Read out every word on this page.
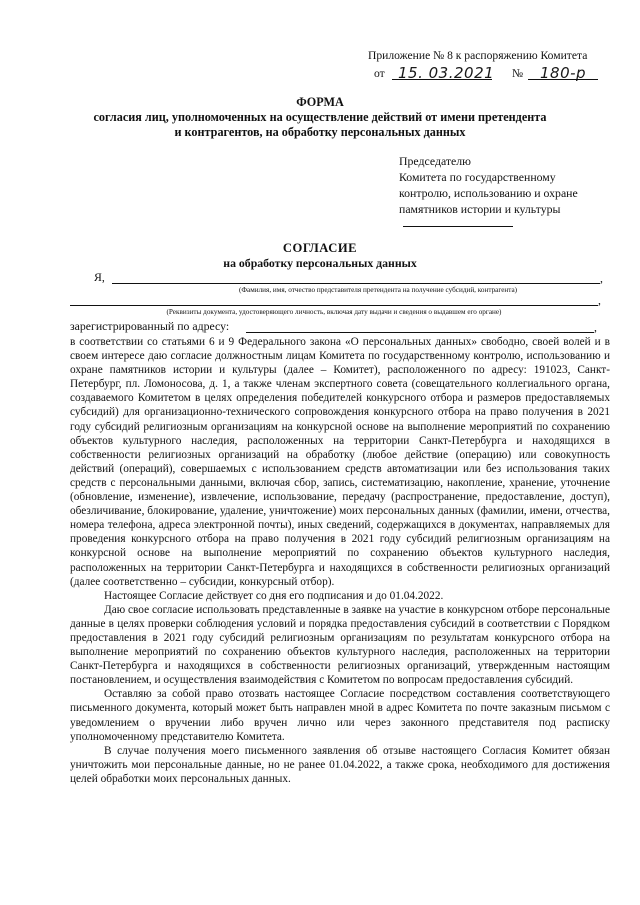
Приложение № 8 к распоряжению Комитета
от 15. 03.2021 № 180-р
ФОРМА
согласия лиц, уполномоченных на осуществление действий от имени претендента
и контрагентов, на обработку персональных данных
Председателю
Комитета по государственному
контролю, использованию и охране
памятников истории и культуры
СОГЛАСИЕ
на обработку персональных данных
Я,	,
(Фамилия, имя, отчество представителя претендента на получение субсидий, контрагента)
,
(Реквизиты документа, удостоверяющего личность, включая дату выдачи и сведения о выдавшем его органе)
зарегистрированный по адресу:	,

в соответствии со статьями 6 и 9 Федерального закона «О персональных данных» свободно, своей волей и в своем интересе даю согласие должностным лицам Комитета по государственному контролю, использованию и охране памятников истории и культуры (далее – Комитет), расположенного по адресу: 191023, Санкт-Петербург, пл. Ломоносова, д. 1, а также членам экспертного совета (совещательного коллегиального органа, создаваемого Комитетом в целях определения победителей конкурсного отбора и размеров предоставляемых субсидий) для организационно-технического сопровождения конкурсного отбора на право получения в 2021 году субсидий религиозным организациям на конкурсной основе на выполнение мероприятий по сохранению объектов культурного наследия, расположенных на территории Санкт-Петербурга и находящихся в собственности религиозных организаций на обработку (любое действие (операцию) или совокупность действий (операций), совершаемых с использованием средств автоматизации или без использования таких средств с персональными данными, включая сбор, запись, систематизацию, накопление, хранение, уточнение (обновление, изменение), извлечение, использование, передачу (распространение, предоставление, доступ), обезличивание, блокирование, удаление, уничтожение) моих персональных данных (фамилии, имени, отчества, номера телефона, адреса электронной почты), иных сведений, содержащихся в документах, направляемых для проведения конкурсного отбора на право получения в 2021 году субсидий религиозным организациям на конкурсной основе на выполнение мероприятий по сохранению объектов культурного наследия, расположенных на территории Санкт-Петербурга и находящихся в собственности религиозных организаций (далее соответственно – субсидии, конкурсный отбор).

Настоящее Согласие действует со дня его подписания и до 01.04.2022.

Даю свое согласие использовать представленные в заявке на участие в конкурсном отборе персональные данные в целях проверки соблюдения условий и порядка предоставления субсидий в соответствии с Порядком предоставления в 2021 году субсидий религиозным организациям по результатам конкурсного отбора на выполнение мероприятий по сохранению объектов культурного наследия, расположенных на территории Санкт-Петербурга и находящихся в собственности религиозных организаций, утвержденным настоящим постановлением, и осуществления взаимодействия с Комитетом по вопросам предоставления субсидий.

Оставляю за собой право отозвать настоящее Согласие посредством составления соответствующего письменного документа, который может быть направлен мной в адрес Комитета по почте заказным письмом с уведомлением о вручении либо вручен лично или через законного представителя под расписку уполномоченному представителю Комитета.

В случае получения моего письменного заявления об отзыве настоящего Согласия Комитет обязан уничтожить мои персональные данные, но не ранее 01.04.2022, а также срока, необходимого для достижения целей обработки моих персональных данных.
